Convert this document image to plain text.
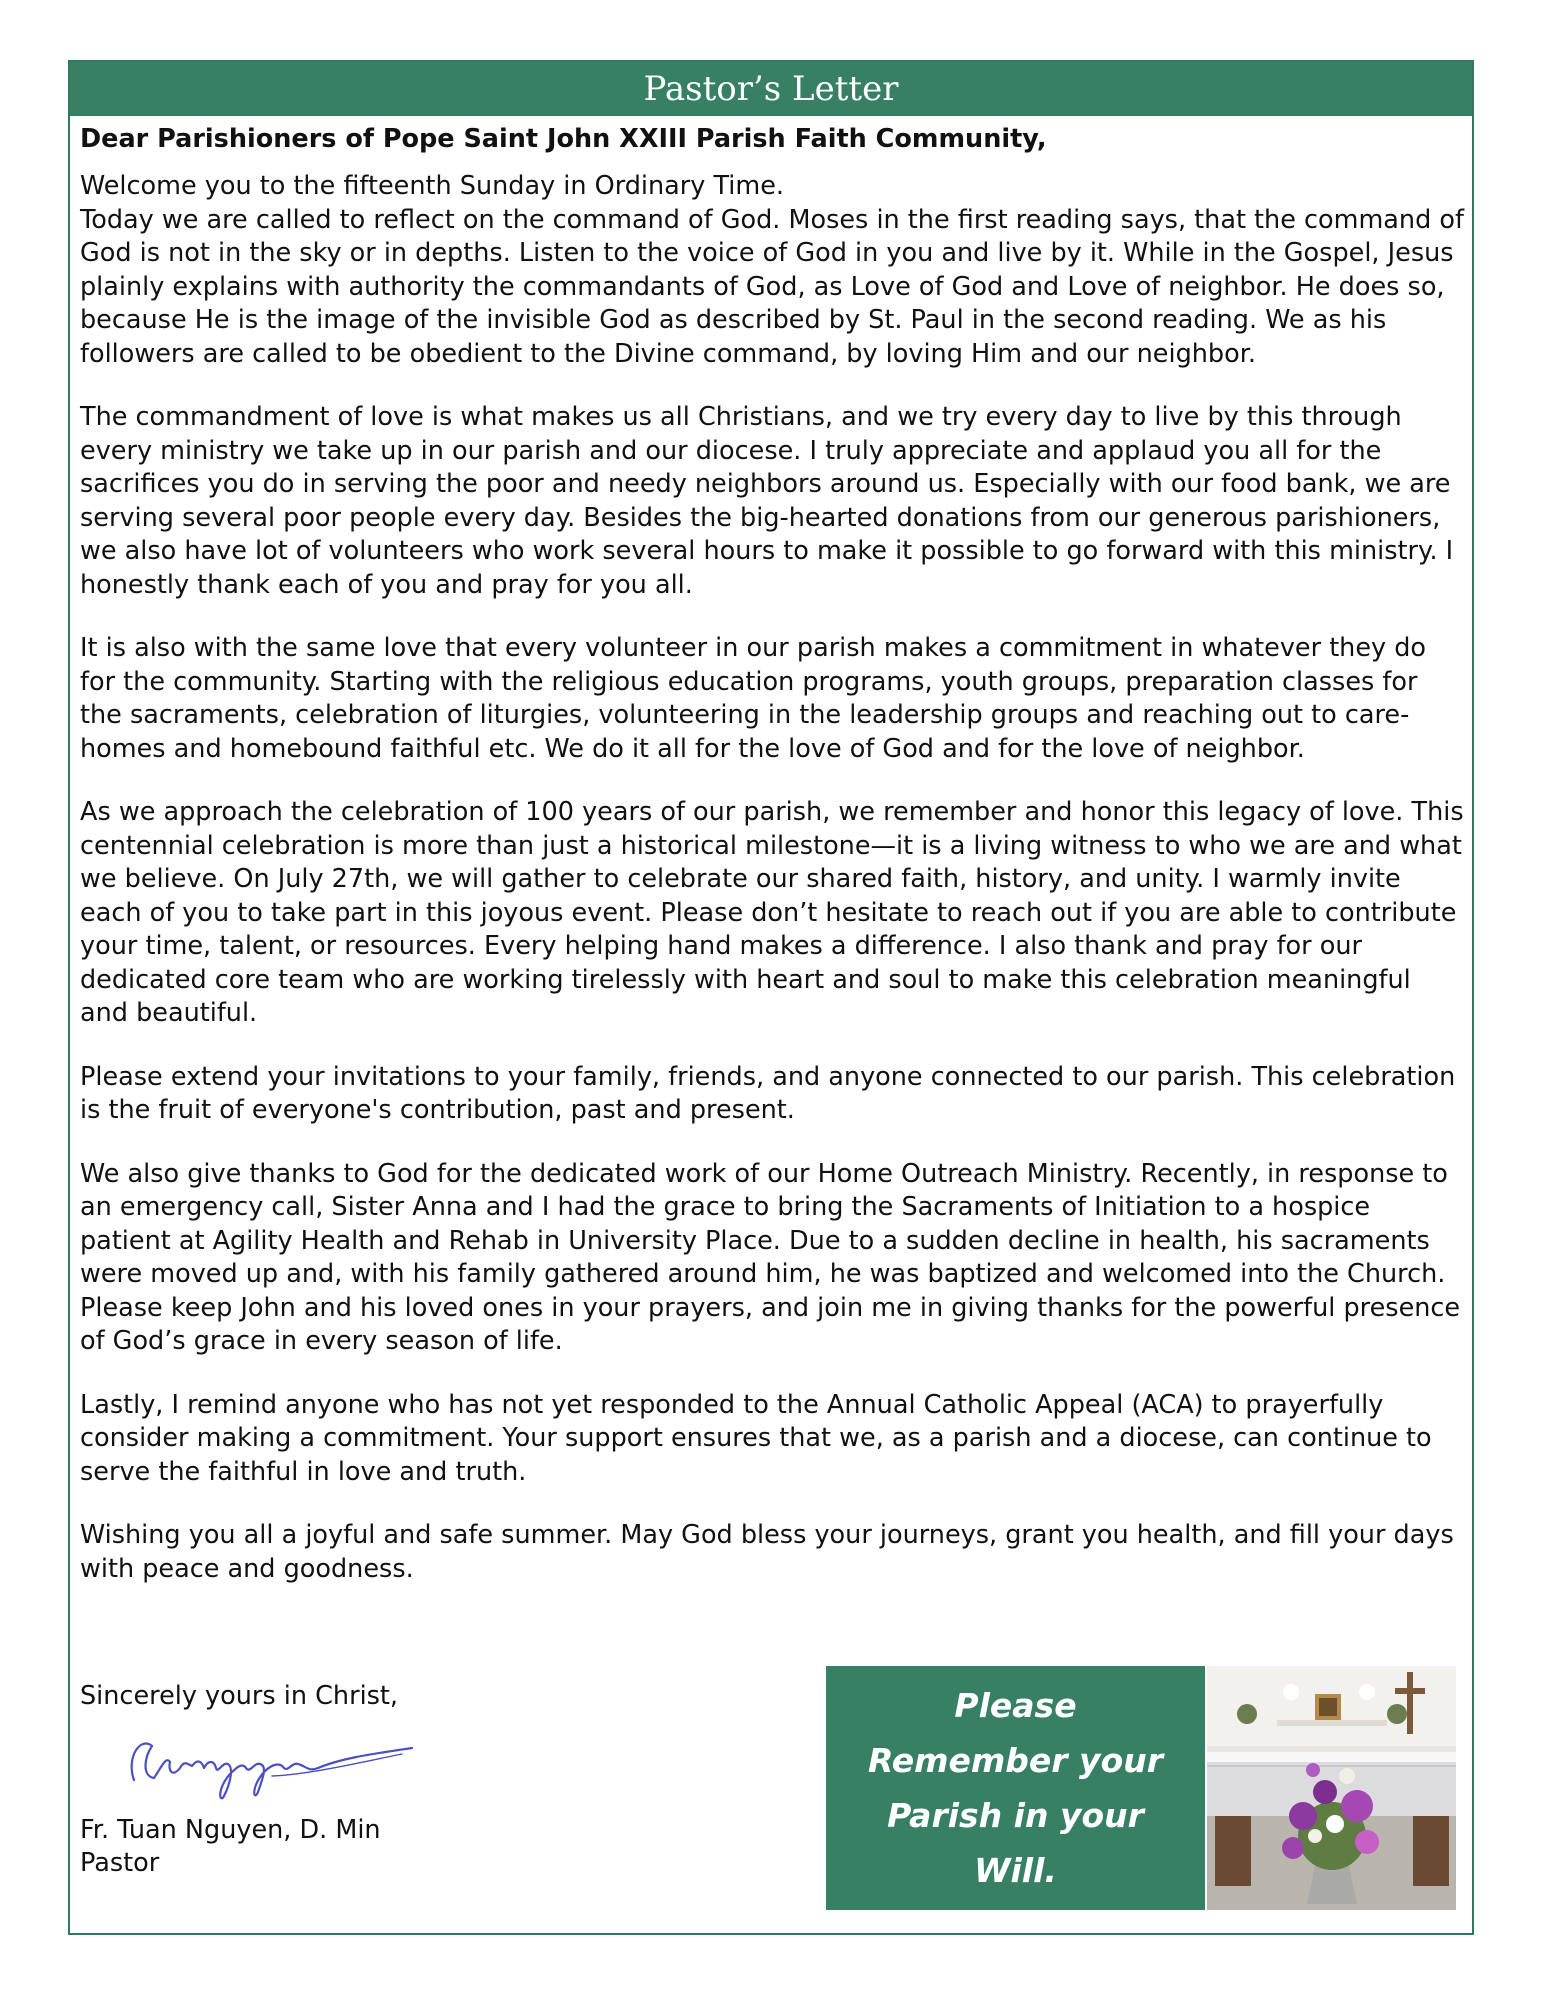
Pastor’s Letter
Dear Parishioners of Pope Saint John XXIII Parish Faith Community,

Welcome you to the fifteenth Sunday in Ordinary Time.
Today we are called to reflect on the command of God. Moses in the first reading says, that the command of God is not in the sky or in depths. Listen to the voice of God in you and live by it. While in the Gospel, Jesus plainly explains with authority the commandants of God, as Love of God and Love of neighbor. He does so, because He is the image of the invisible God as described by St. Paul in the second reading. We as his followers are called to be obedient to the Divine command, by loving Him and our neighbor.

The commandment of love is what makes us all Christians, and we try every day to live by this through every ministry we take up in our parish and our diocese. I truly appreciate and applaud you all for the sacrifices you do in serving the poor and needy neighbors around us. Especially with our food bank, we are serving several poor people every day. Besides the big-hearted donations from our generous parishioners, we also have lot of volunteers who work several hours to make it possible to go forward with this ministry. I honestly thank each of you and pray for you all.

It is also with the same love that every volunteer in our parish makes a commitment in whatever they do for the community. Starting with the religious education programs, youth groups, preparation classes for the sacraments, celebration of liturgies, volunteering in the leadership groups and reaching out to care-homes and homebound faithful etc. We do it all for the love of God and for the love of neighbor.

As we approach the celebration of 100 years of our parish, we remember and honor this legacy of love. This centennial celebration is more than just a historical milestone—it is a living witness to who we are and what we believe. On July 27th, we will gather to celebrate our shared faith, history, and unity. I warmly invite each of you to take part in this joyous event. Please don’t hesitate to reach out if you are able to contribute your time, talent, or resources. Every helping hand makes a difference. I also thank and pray for our dedicated core team who are working tirelessly with heart and soul to make this celebration meaningful and beautiful.

Please extend your invitations to your family, friends, and anyone connected to our parish. This celebration is the fruit of everyone's contribution, past and present.

We also give thanks to God for the dedicated work of our Home Outreach Ministry. Recently, in response to an emergency call, Sister Anna and I had the grace to bring the Sacraments of Initiation to a hospice patient at Agility Health and Rehab in University Place. Due to a sudden decline in health, his sacraments were moved up and, with his family gathered around him, he was baptized and welcomed into the Church. Please keep John and his loved ones in your prayers, and join me in giving thanks for the powerful presence of God’s grace in every season of life.

Lastly, I remind anyone who has not yet responded to the Annual Catholic Appeal (ACA) to prayerfully consider making a commitment. Your support ensures that we, as a parish and a diocese, can continue to serve the faithful in love and truth.

Wishing you all a joyful and safe summer. May God bless your journeys, grant you health, and fill your days with peace and goodness.

Sincerely yours in Christ,
Fr. Tuan Nguyen, D. Min
Pastor
Please Remember your Parish in your Will.
